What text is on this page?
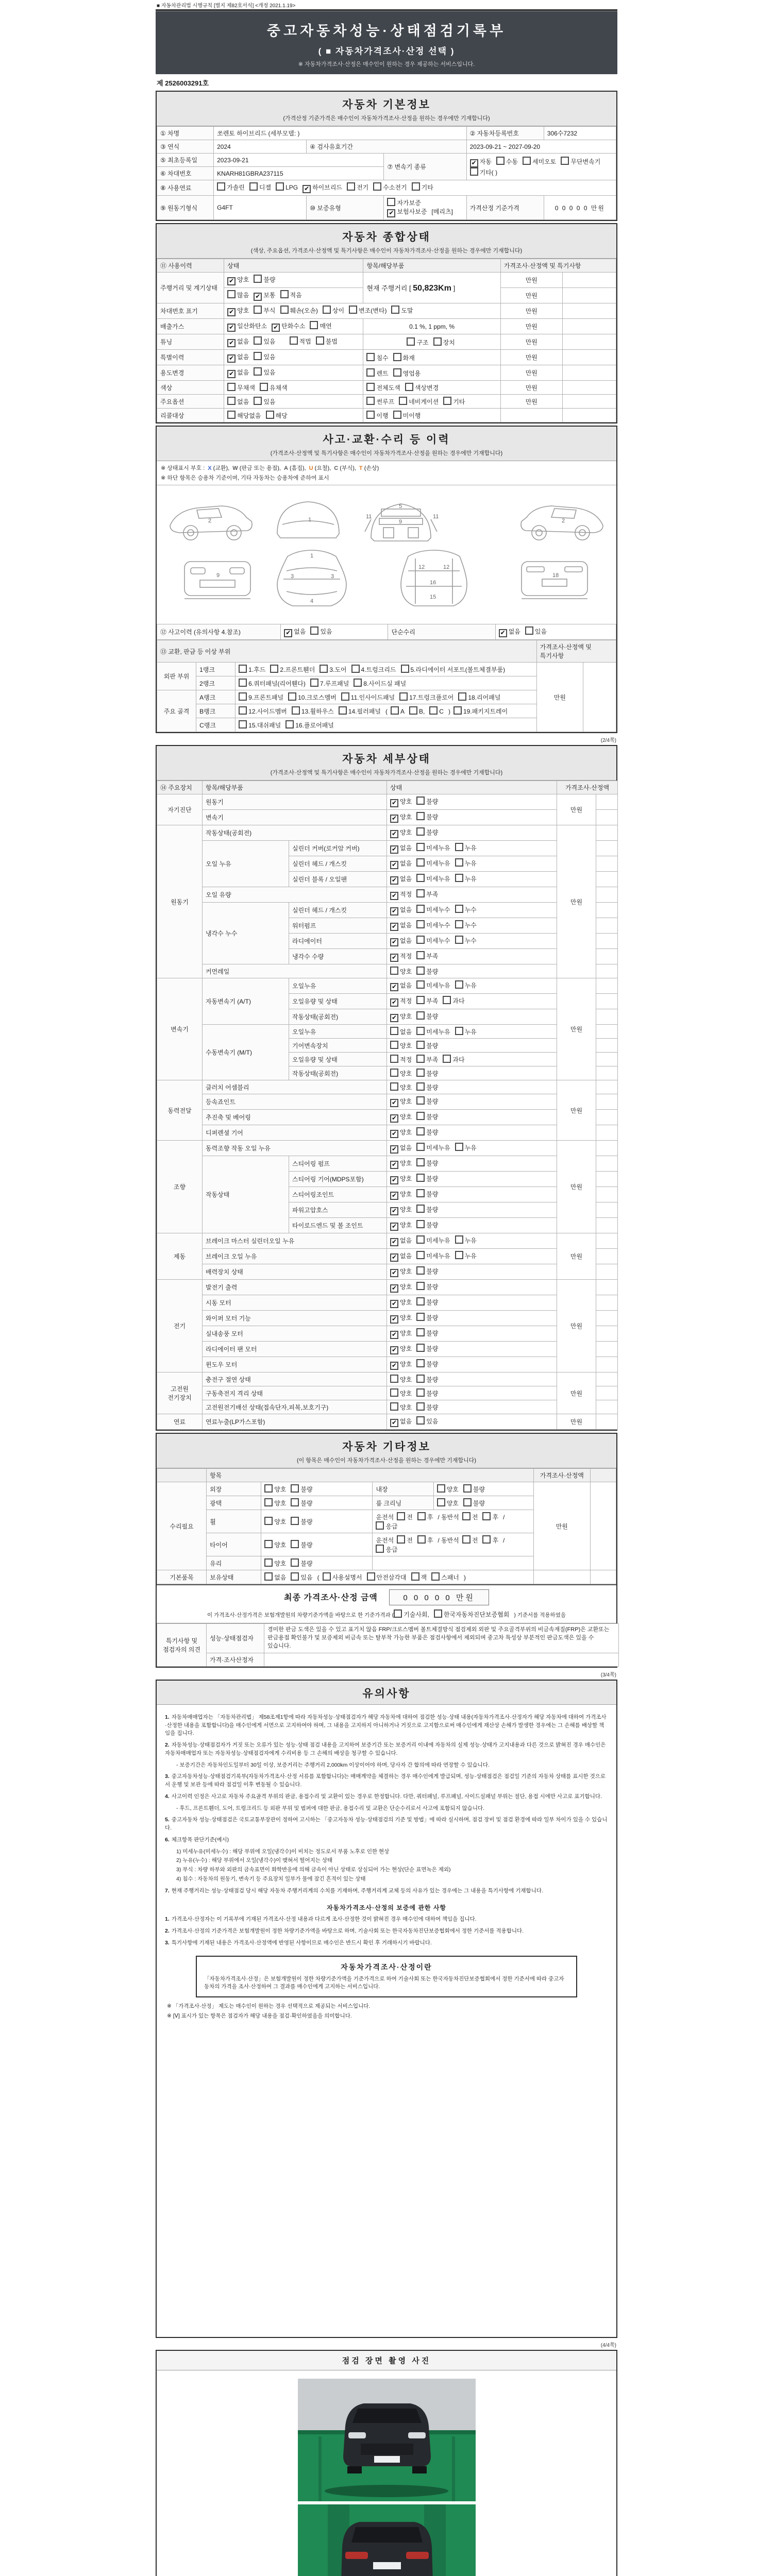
■ 자동차관리법 시행규칙 [별지 제82호서식] <개정 2021.1.19>
중고자동차성능·상태점검기록부
( ■ 자동차가격조사·산정 선택 )
※ 자동차가격조사·산정은 매수인이 원하는 경우 제공하는 서비스입니다.
제 2526003291호
자동차 기본정보
(가격산정 기준가격은 매수인이 자동차가격조사·산정을 원하는 경우에만 기재합니다)
① 차명	쏘렌토 하이브리드 (세부모델: )			② 자동차등록번호	306수7232
③ 연식	2024	④ 검사유효기간		2023-09-21 ~ 2027-09-20	
⑤ 최초등록일	2023-09-21		⑦ 변속기 종류	✔자동 수동 세미오토 무단변속기기타( )
⑥ 차대번호	KNARH81GBRA237115				
⑧ 사용연료	가솔린 디젤 LPG ✔ 하이브리드 전기 수소전기 기타
⑨ 원동기형식	G4FT	⑩ 보증유형	자가보증✔보험사보증 [메리츠]	가격산정 기준가격	0 0 0 0 0 만원
자동차 종합상태
(색상, 주요옵션, 가격조사·산정액 및 특기사항은 매수인이 자동차가격조사·산정을 원하는 경우에만 기재합니다)
⑪ 사용이력	상태	항목/해당부품	가격조사·산정액 및 특기사항	
주행거리 및 계기상태	✔양호 불량	현재 주행거리 [ 50,823Km ]	만원	
	많음 ✔ 보통 적음		만원	
차대번호 표기	✔양호 부식 훼손(오손) 상이 변조(변타) 도말		만원	
배출가스	✔일산화탄소 ✔ 탄화수소 매연	0.1 %, 1 ppm, %	만원	
튜닝	✔없음 있음　 적법 불법	　　　　　　구조 장치	만원	
특별이력	✔없음 있음	침수 화재	만원	
용도변경	✔없음 있음	렌트 영업용	만원	
색상	무채색 유채색	전체도색 색상변경	만원	
주요옵션	없음 있음	썬루프 네비게이션 기타	만원	
리콜대상	해당없음 해당	이행 미이행		
사고·교환·수리 등 이력
(가격조사·산정액 및 특기사항은 매수인이 자동차가격조사·산정을 원하는 경우에만 기재합니다)
※ 상태표시 부호 : X (교환), W (판금 또는 용접), A (흠집), U (요철), C (부식), T (손상)
※ 하단 항목은 승용차 기준이며, 기타 자동차는 승용차에 준하여 표시
2	1	11
5
9
11
2
9	3	3
1
4
12	12
16
15
18
⑫ 사고이력 (유의사항 4.참조)	✔없음 있음	단순수리	✔없음 있음
⑬ 교환, 판금 등 이상 부위			가격조사·산정액 및 특기사항	
외판 부위	1랭크	1.후드 2.프론트휀더 3.도어 4.트렁크리드 5.라디에이터 서포트(볼트체결부품)	만원	
	2랭크	6.쿼터패널(리어휀다) 7.루프패널 8.사이드실 패널		
주요 골격	A랭크	9.프론트패널 10.크로스멤버 11.인사이드패널 17.트렁크플로어 18.리어패널		
	B랭크	12.사이드멤버 13.휠하우스 14.필러패널 ( A B, C ) 19.패키지트레이		
	C랭크	15.대쉬패널 16.플로어패널		
(2/4쪽)
자동차 세부상태
(가격조사·산정액 및 특기사항은 매수인이 자동차가격조사·산정을 원하는 경우에만 기재합니다)
⑭ 주요장치	항목/해당부품		상태	가격조사·산정액	
자기진단	원동기	✔양호 불량	만원	
	변속기	✔양호 불량	
원동기	작동상태(공회전)	✔양호 불량	만원	
	오일 누유	실린더 커버(로커암 커버)	✔없음 미세누유 누유	
		실린더 헤드 / 개스킷	✔없음 미세누유 누유	
		실린더 블록 / 오일팬	✔없음 미세누유 누유	
	오일 유량	✔적정 부족	
	냉각수 누수	실린더 헤드 / 개스킷	✔없음 미세누수 누수	
		워터펌프	✔없음 미세누수 누수	
		라디에이터	✔없음 미세누수 누수	
		냉각수 수량	✔적정 부족	
	커먼레일		양호 불량		
변속기	자동변속기 (A/T)	오일누유	✔없음 미세누유 누유	만원	
		오일유량 및 상태	✔적정 부족 과다	
		작동상태(공회전)	✔양호 불량	
	수동변속기 (M/T)	오일누유	없음 미세누유 누유		
		기어변속장치	양호 불량		
		오일유량 및 상태	적정 부족 과다		
		작동상태(공회전)	양호 불량		
동력전달	클러치 어셈블리		양호 불량	만원	
	등속죠인트	✔양호 불량	
	추진축 및 베어링	✔양호 불량	
	디퍼렌셜 기어	✔양호 불량	
조향	동력조향 작동 오일 누유	✔없음 미세누유 누유	만원	
	작동상태	스티어링 펌프	✔양호 불량	
		스티어링 기어(MDPS포함)	✔양호 불량	
		스티어링조인트	✔양호 불량	
		파워고압호스	✔양호 불량	
		타이로드엔드 및 볼 조인트	✔양호 불량	
제동	브레이크 마스터 실린더오일 누유	✔없음 미세누유 누유	만원	
	브레이크 오일 누유	✔없음 미세누유 누유	
	배력장치 상태	✔양호 불량	
전기	발전기 출력	✔양호 불량	만원	
	시동 모터	✔양호 불량	
	와이퍼 모터 기능	✔양호 불량	
	실내송풍 모터	✔양호 불량	
	라디에이터 팬 모터	✔양호 불량	
	윈도우 모터	✔양호 불량	
고전원 전기장치	충전구 절연 상태		양호 불량	만원	
	구동축전지 격리 상태		양호 불량		
	고전원전기배선 상태(접속단자,피복,보호기구)		양호 불량		
연료	연료누출(LP가스포함)	✔없음 있음	만원	
자동차 기타정보
(이 항목은 매수인이 자동차가격조사·산정을 원하는 경우에만 기재합니다)
	항목				가격조사·산정액	
수리필요	외장	양호 불량	내장	양호 불량	만원	
	광택	양호 불량	룸 크리닝	양호 불량		
	휠	양호 불량	운전석 전 후 / 동반석 전 후 /응급			
	타이어	양호 불량	운전석 전 후 / 동반석 전 후 /응급			
	유리	양호 불량				
기본품목	보유상태	없음 있음 ( 사용설명서 안전삼각대 잭 스패너 )				
최종 가격조사·산정 금액	0 0 0 0 0 만원
이 가격조사·산정가격은 보험개발원의 차량기준가액을 바탕으로 한 기준가격과 ( 기술사회, 한국자동차진단보증협회 ) 기준서를 적용하였음
특기사항 및 점검자의 의견	성능·상태점검자	경미한 판금 도색은 있을 수 있고 표기치 않음 FRP/크로스멤버 볼트체결방식 점검제외 외판 및 주요골격부위의 비금속재질(FRP)은 교환또는 판금용접 확인불가 및 보증제외 비금속 또는 탈부착 가능한 부품은 점검사항에서 제외되며 중고차 특성상 부분적인 판금도색은 있을 수 있습니다.
	가격·조사산정자	
(3/4쪽)
유의사항
1. 자동차매매업자는 「자동차관리법」 제58조제1항에 따라 자동차성능·상태점검자가 해당 자동차에 대하여 점검한 성능·상태 내용(자동차가격조사·산정자가 해당 자동차에 대하여 가격조사·산정한 내용을 포함합니다)을 매수인에게 서면으로 고지하여야 하며, 그 내용을 고지하지 아니하거나 거짓으로 고지함으로써 매수인에게 재산상 손해가 발생한 경우에는 그 손해를 배상할 책임을 집니다.
2. 자동차성능·상태점검자가 거짓 또는 오류가 있는 성능·상태 점검 내용을 고지하여 보증기간 또는 보증거리 이내에 자동차의 실제 성능·상태가 고지내용과 다른 것으로 밝혀진 경우 매수인은 자동차매매업자 또는 자동차성능·상태점검자에게 수리비용 등 그 손해의 배상을 청구할 수 있습니다.
- 보증기간은 자동차인도일부터 30일 이상, 보증거리는 주행거리 2,000km 이상이어야 하며, 당사자 간 합의에 따라 연장할 수 있습니다.
3. 중고자동차성능·상태점검기록부(자동차가격조사·산정 서류를 포함합니다)는 매매계약을 체결하는 경우 매수인에게 발급되며, 성능·상태점검은 점검일 기준의 자동차 상태를 표시한 것으로서 운행 및 보관 등에 따라 점검일 이후 변동될 수 있습니다.
4. 사고이력 인정은 사고로 자동차 주요골격 부위의 판금, 용접수리 및 교환이 있는 경우로 한정합니다. 다만, 쿼터패널, 루프패널, 사이드실패널 부위는 절단, 용접 시에만 사고로 표기합니다.
- 후드, 프론트휀더, 도어, 트렁크리드 등 외판 부위 및 범퍼에 대한 판금, 용접수리 및 교환은 단순수리로서 사고에 포함되지 않습니다.
5. 중고자동차 성능·상태점검은 국토교통부장관이 정하여 고시하는 「중고자동차 성능·상태점검의 기준 및 방법」에 따라 실시하며, 점검 장비 및 점검 환경에 따라 일부 차이가 있을 수 있습니다.
6. 체크항목 판단기준(예시)
1) 미세누유(미세누수) : 해당 부위에 오일(냉각수)이 비치는 정도로서 부품 노후로 인한 현상
2) 누유(누수) : 해당 부위에서 오일(냉각수)이 맺혀서 떨어지는 상태
3) 부식 : 차량 하부와 외판의 금속표면이 화학반응에 의해 금속이 아닌 상태로 상실되어 가는 현상(단순 표면녹은 제외)
4) 침수 : 자동차의 원동기, 변속기 등 주요장치 일부가 물에 잠긴 흔적이 있는 상태
7. 현재 주행거리는 성능·상태점검 당시 해당 자동차 주행거리계의 수치를 기재하며, 주행거리계 교체 등의 사유가 있는 경우에는 그 내용을 특기사항에 기재합니다.
자동차가격조사·산정의 보증에 관한 사항
1. 가격조사·산정자는 이 기록부에 기재된 가격조사·산정 내용과 다르게 조사·산정한 것이 밝혀진 경우 매수인에 대하여 책임을 집니다.
2. 가격조사·산정의 기준가격은 보험개발원이 정한 차량기준가액을 바탕으로 하며, 기술사회 또는 한국자동차진단보증협회에서 정한 기준서를 적용합니다.
3. 특기사항에 기재된 내용은 가격조사·산정액에 반영된 사항이므로 매수인은 반드시 확인 후 거래하시기 바랍니다.
자동차가격조사·산정이란
「자동차가격조사·산정」은 보험개발원이 정한 차량기준가액을 기준가격으로 하여 기술사회 또는 한국자동차진단보증협회에서 정한 기준서에 따라 중고자동차의 가격을 조사·산정하여 그 결과를 매수인에게 고지하는 서비스입니다.
※ 「가격조사·산정」 제도는 매수인이 원하는 경우 선택적으로 제공되는 서비스입니다.
※ [Ⅴ] 표시가 있는 항목은 점검자가 해당 내용을 점검·확인하였음을 의미합니다.
(4/4쪽)
점검 장면 촬영 사진
